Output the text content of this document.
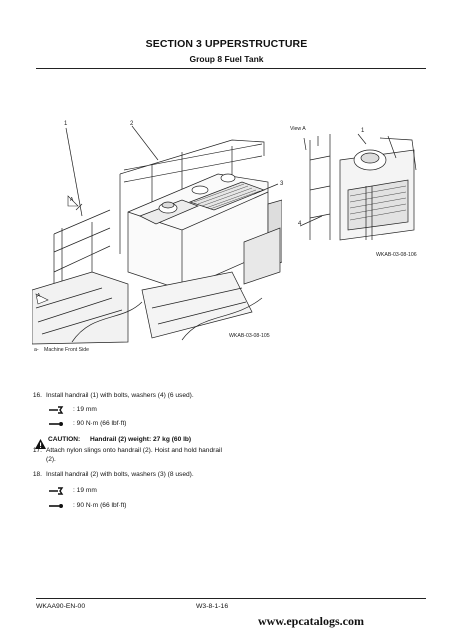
SECTION 3 UPPERSTRUCTURE
Group 8 Fuel Tank
1	2
3
A
A
WKAB-03-08-105
a- Machine Front Side
View A	1
4
WKAB-03-08-106
16. Install handrail (1) with bolts, washers (4) (6 used).
: 19 mm
: 90 N·m (66 lbf·ft)
CAUTION: Handrail (2) weight: 27 kg (60 lb)
17. Attach nylon slings onto handrail (2). Hoist and hold handrail (2).
18. Install handrail (2) with bolts, washers (3) (8 used).
: 19 mm
: 90 N·m (66 lbf·ft)
WKAA90-EN-00	W3-8-1-16
www.epcatalogs.com
